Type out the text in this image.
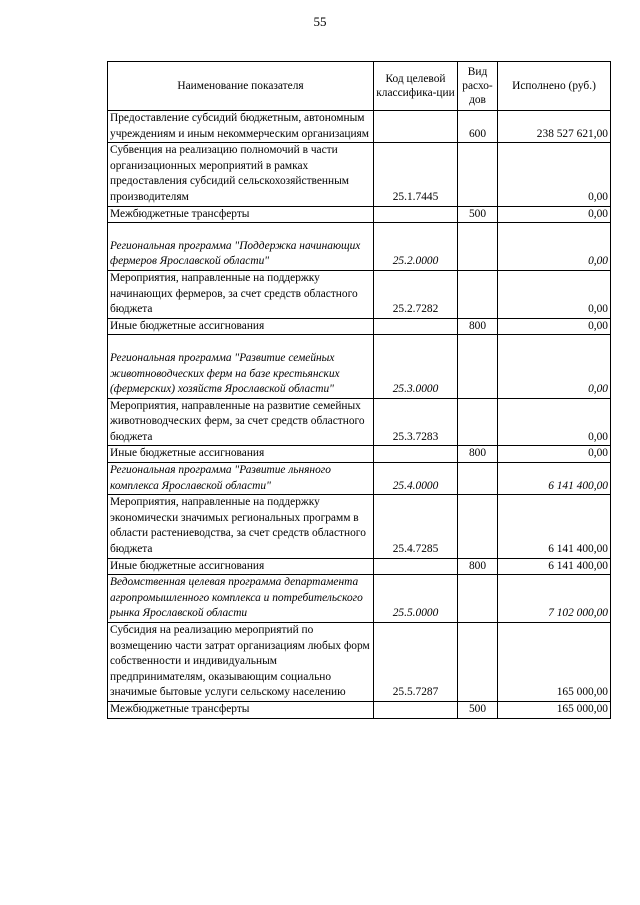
55
Наименование показателя	Код целевой классифика-ции	Вид расхо-дов	Исполнено (руб.)
Предоставление субсидий бюджетным, автономным учреждениям и иным некоммерческим организациям		600	238 527 621,00
Субвенция на реализацию полномочий в части организационных мероприятий в рамках предоставления субсидий сельскохозяйственным производителям	25.1.7445		0,00
Межбюджетные трансферты		500	0,00
Региональная программа "Поддержка начинающих фермеров Ярославской области"	25.2.0000		0,00
Мероприятия, направленные на поддержку начинающих фермеров, за счет средств областного бюджета	25.2.7282		0,00
Иные бюджетные ассигнования		800	0,00
Региональная программа "Развитие семейных животноводческих ферм на базе крестьянских (фермерских) хозяйств Ярославской области"	25.3.0000		0,00
Мероприятия, направленные на развитие семейных животноводческих ферм, за счет средств областного бюджета	25.3.7283		0,00
Иные бюджетные ассигнования		800	0,00
Региональная программа "Развитие льняного комплекса Ярославской области"	25.4.0000		6 141 400,00
Мероприятия, направленные на поддержку экономически значимых региональных программ в области растениеводства, за счет средств областного бюджета	25.4.7285		6 141 400,00
Иные бюджетные ассигнования		800	6 141 400,00
Ведомственная целевая программа департамента агропромышленного комплекса и потребительского рынка Ярославской области	25.5.0000		7 102 000,00
Субсидия на реализацию мероприятий по возмещению части затрат организациям любых форм собственности и индивидуальным предпринимателям, оказывающим социально значимые бытовые услуги сельскому населению	25.5.7287		165 000,00
Межбюджетные трансферты		500	165 000,00
